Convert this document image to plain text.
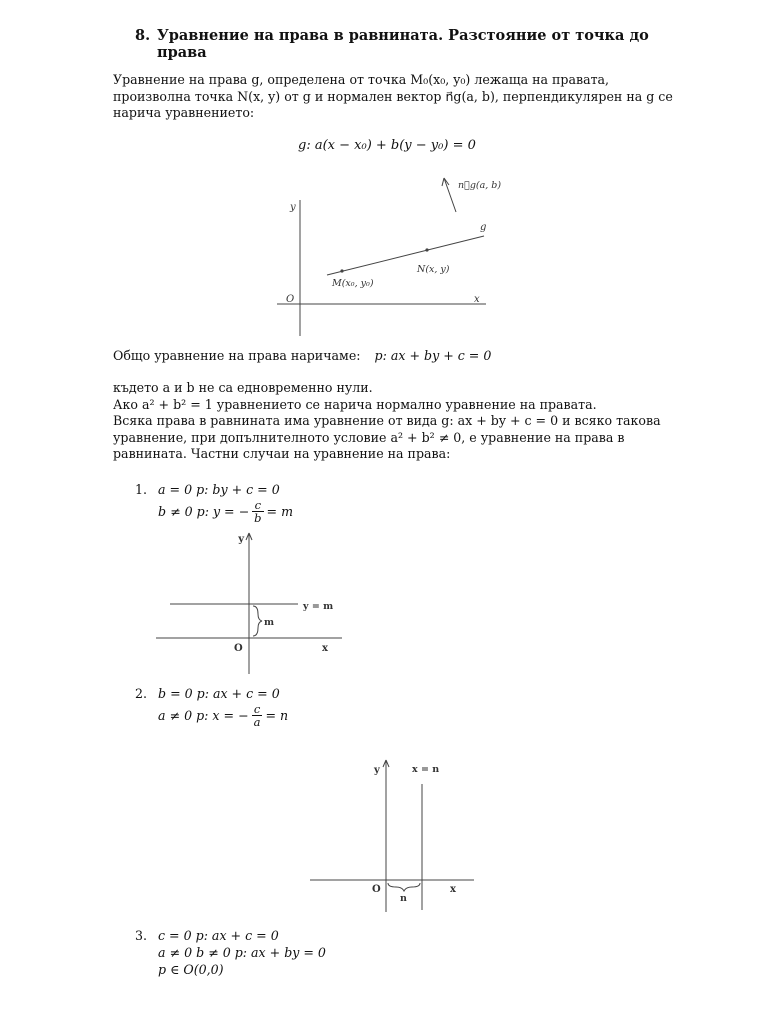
8. Уравнение на права в равнината. Разстояние от точка до права
Уравнение на права g, определена от точка M₀(x₀, y₀) лежаща на правата,
произволна точка N(x, y) от g и нормален вектор n⃗g(a, b), перпендикулярен на g се
нарича уравнението:
g: a(x − x₀) + b(y − y₀) = 0
n⃗g(a, b)
g
y
x
O
M(x₀, y₀)
N(x, y)
Общо уравнение на права наричаме: p: ax + by + c = 0
където a и b не са едновременно нули.
Ако a² + b² = 1 уравнението се нарича нормално уравнение на правата.
Всяка права в равнината има уравнение от вида g: ax + by + c = 0 и всяко такова
уравнение, при допълнителното условие a² + b² ≠ 0, е уравнение на права в
равнината. Частни случаи на уравнение на права:
1. a = 0 p: by + c = 0
b ≠ 0 p: y = − $\frac{c}{b} = m$
y
x
O
y = m
m
2. b = 0 p: ax + c = 0
a ≠ 0 p: x = − $\frac{c}{a} = n$
y	x = n
x
O
n
3. c = 0 p: ax + c = 0
a ≠ 0 b ≠ 0 p: ax + by = 0
p ∈ O(0,0)
